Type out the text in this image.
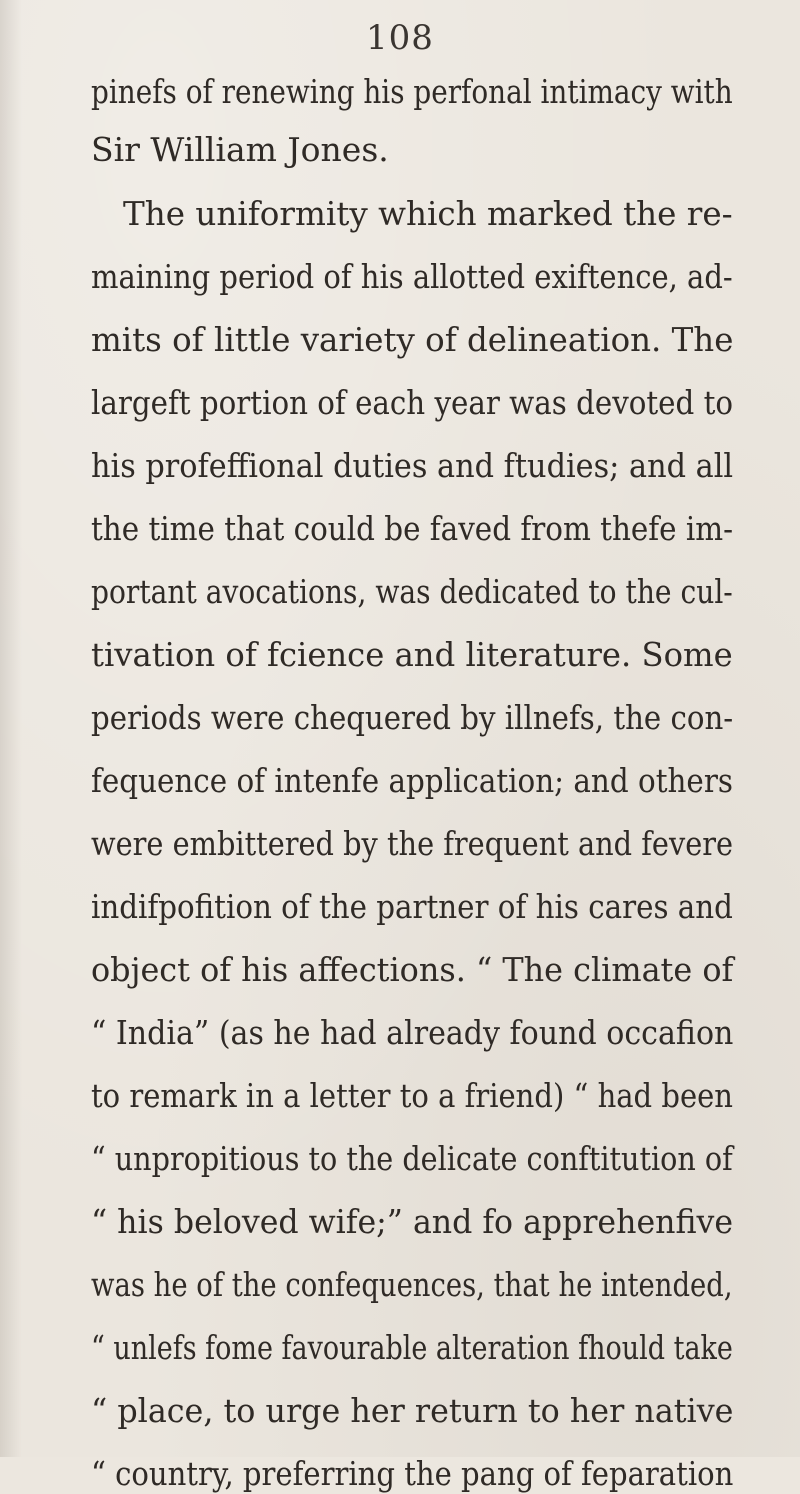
108
pinefs of renewing his perfonal intimacy with
Sir William Jones.
The uniformity which marked the re-
maining period of his allotted exiftence, ad-
mits of little variety of delineation. The
largeft portion of each year was devoted to
his profeffional duties and ftudies; and all
the time that could be faved from thefe im-
portant avocations, was dedicated to the cul-
tivation of fcience and literature. Some
periods were chequered by illnefs, the con-
fequence of intenfe application; and others
were embittered by the frequent and fevere
indifpofition of the partner of his cares and
object of his affections. “ The climate of
“ India” (as he had already found occafion
to remark in a letter to a friend) “ had been
“ unpropitious to the delicate conftitution of
“ his beloved wife;” and fo apprehenfive
was he of the confequences, that he intended,
“ unlefs fome favourable alteration fhould take
“ place, to urge her return to her native
“ country, preferring the pang of feparation
